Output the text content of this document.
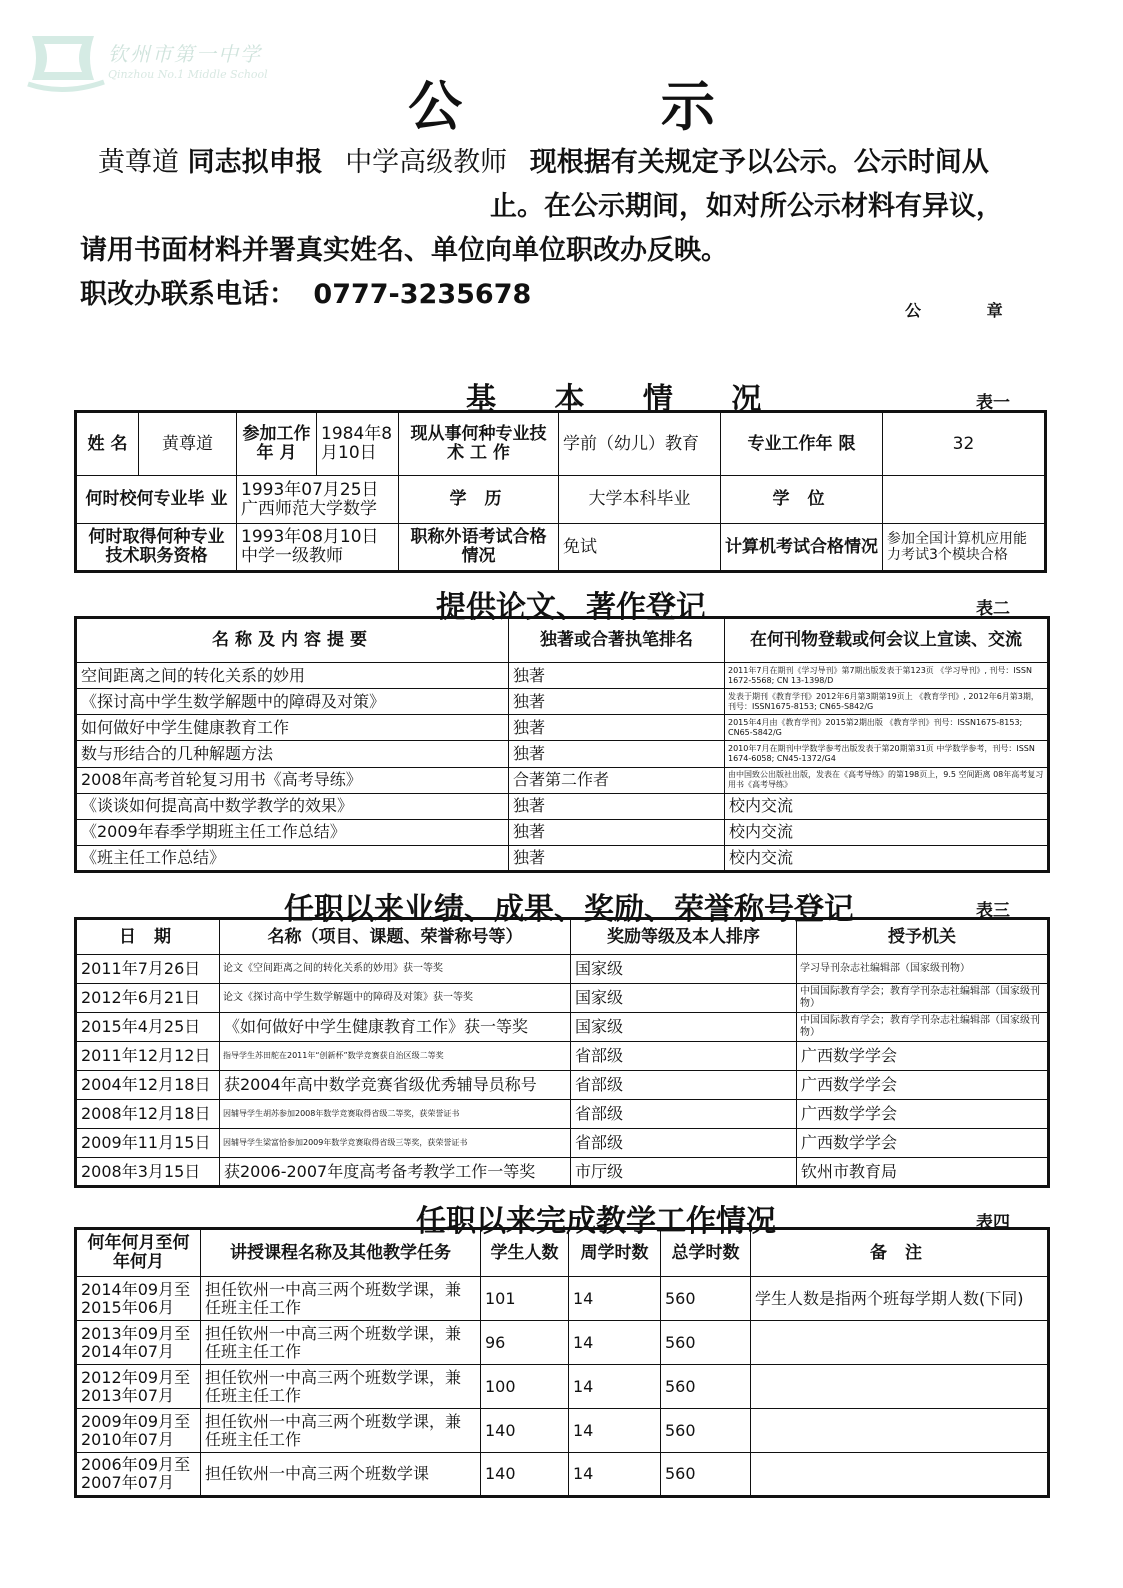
钦州市第一中学
Qinzhou No.1 Middle School
公 示
黄尊道 同志拟申报 中学高级教师 现根据有关规定予以公示。公示时间从
止。在公示期间，如对所公示材料有异议，
请用书面材料并署真实姓名、单位向单位职改办反映。
职改办联系电话： 0777-3235678
公 章
基 本 情 况	表一
姓 名	黄尊道	参加工作年 月	1984年8月10日	现从事何种专业技 术 工 作	学前（幼儿）教育	专业工作年 限	32
何时校何专业毕 业		1993年07月25日广西师范大学数学		学 历	大学本科毕业	学 位	
何时取得何种专业技术职务资格		1993年08月10日中学一级教师		职称外语考试合格情况	免试	计算机考试合格情况	参加全国计算机应用能力考试3个模块合格
提供论文、著作登记	表二
名称及内容提要	独著或合著执笔排名	在何刊物登载或何会议上宣读、交流
空间距离之间的转化关系的妙用	独著	2011年7月在期刊《学习导刊》第7期出版发表于第123页 《学习导刊》, 刊号：ISSN 1672-5568; CN 13-1398/D
《探讨高中学生数学解题中的障碍及对策》	独著	发表于期刊《教育学刊》2012年6月第3期第19页上 《教育学刊》, 2012年6月第3期，刊号：ISSN1675-8153; CN65-S842/G
如何做好中学生健康教育工作	独著	2015年4月由《教育学刊》2015第2期出版 《教育学刊》刊号：ISSN1675-8153; CN65-S842/G
数与形结合的几种解题方法	独著	2010年7月在期刊中学数学参考出版发表于第20期第31页 中学数学参考，刊号：ISSN 1674-6058; CN45-1372/G4
2008年高考首轮复习用书《高考导练》	合著第二作者	由中国致公出版社出版，发表在《高考导练》的第198页上，9.5 空间距离 08年高考复习用书《高考导练》
《谈谈如何提高高中数学教学的效果》	独著	校内交流
《2009年春季学期班主任工作总结》	独著	校内交流
《班主任工作总结》	独著	校内交流
任职以来业绩、成果、奖励、荣誉称号登记	表三
日 期	名称（项目、课题、荣誉称号等）	奖励等级及本人排序	授予机关
2011年7月26日	论文《空间距离之间的转化关系的妙用》获一等奖	国家级	学习导刊杂志社编辑部（国家级刊物）
2012年6月21日	论文《探讨高中学生数学解题中的障碍及对策》获一等奖	国家级	中国国际教育学会；教育学刊杂志社编辑部（国家级刊物）
2015年4月25日	《如何做好中学生健康教育工作》获一等奖	国家级	中国国际教育学会；教育学刊杂志社编辑部（国家级刊物）
2011年12月12日	指导学生苏田舵在2011年“创新杯”数学竞赛获自治区级二等奖	省部级	广西数学学会
2004年12月18日	获2004年高中数学竞赛省级优秀辅导员称号	省部级	广西数学学会
2008年12月18日	因辅导学生胡苏参加2008年数学竞赛取得省级二等奖，获荣誉证书	省部级	广西数学学会
2009年11月15日	因辅导学生梁富恰参加2009年数学竞赛取得省级三等奖，获荣誉证书	省部级	广西数学学会
2008年3月15日	获2006-2007年度高考备考教学工作一等奖	市厅级	钦州市教育局
任职以来完成教学工作情况	表四
何年何月至何年何月	讲授课程名称及其他教学任务	学生人数	周学时数	总学时数	备 注
2014年09月至2015年06月	担任钦州一中高三两个班数学课，兼任班主任工作	101	14	560	学生人数是指两个班每学期人数(下同)
2013年09月至2014年07月	担任钦州一中高三两个班数学课，兼任班主任工作	96	14	560	
2012年09月至2013年07月	担任钦州一中高三两个班数学课，兼任班主任工作	100	14	560	
2009年09月至2010年07月	担任钦州一中高三两个班数学课，兼任班主任工作	140	14	560	
2006年09月至2007年07月	担任钦州一中高三两个班数学课	140	14	560	
